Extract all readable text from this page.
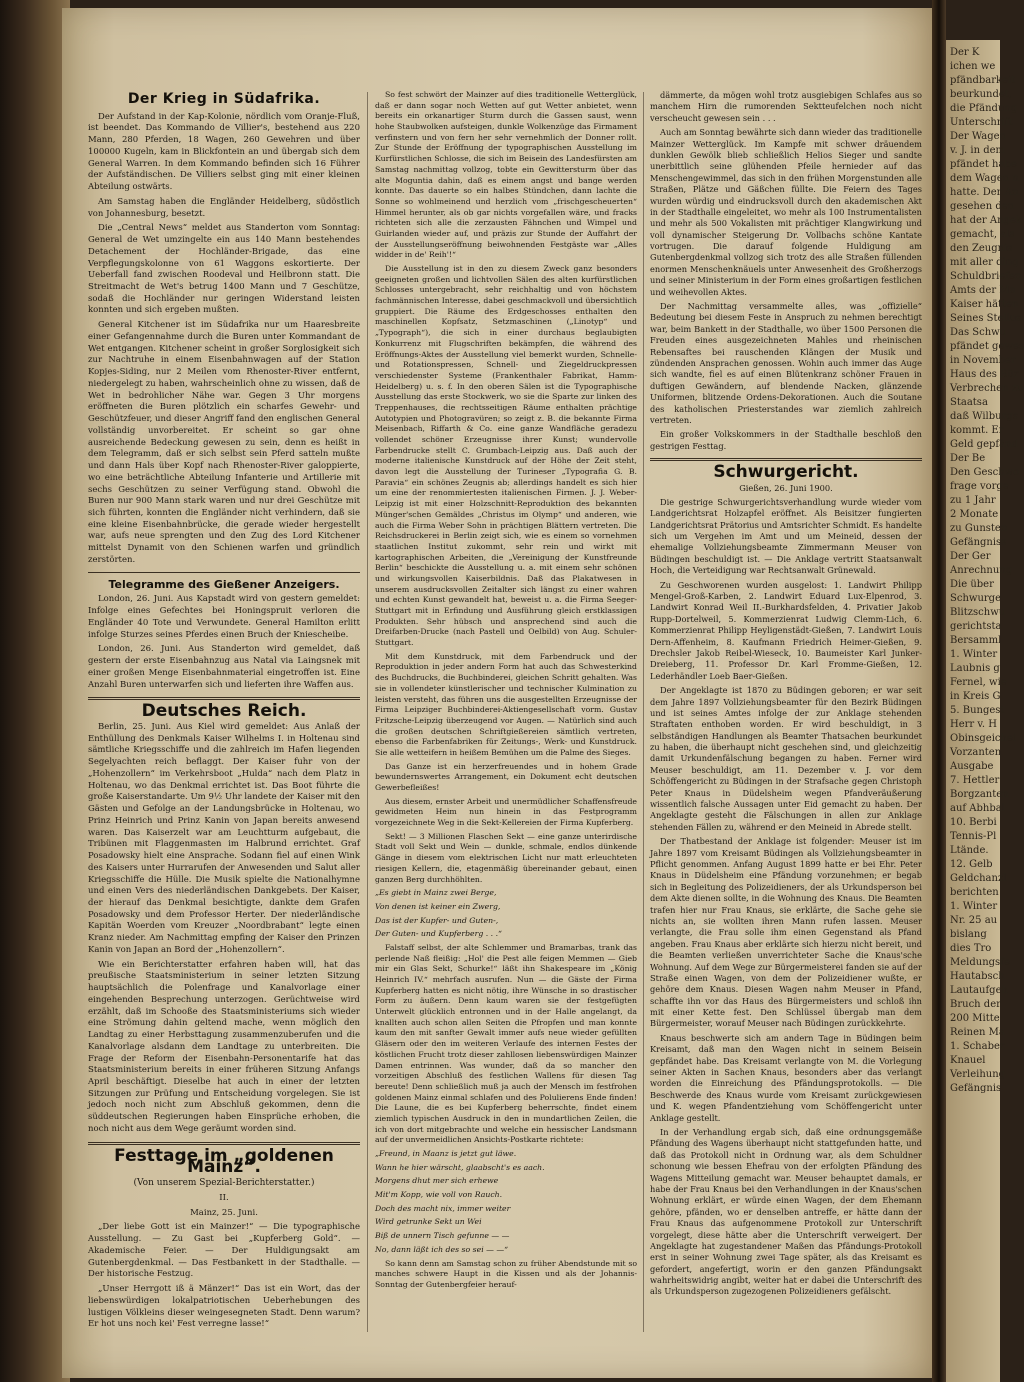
Der K
ichen we
pfändbarkeit
beurkundet,
die Pfändung
Unterschrift
Der Wagen
v. J. in dem
pfändet habe
dem Wagen n
hatte. Der An
gesehen den
hat der Angek
gemacht, als
den Zeugnis
mit aller ding
Schuldbriefen
Amts der Ma
Kaiser hätten
Seines Stellus
Das Schwu
pfändet gewes
in November
Haus des Bür
Verbrechen zu
Staatsa
daß Wilburgs
kommt. Er
Geld gepfänd
Der Be
Den Geschwo
frage vorge
zu 1 Jahr
2 Monate
zu Gunsten
Gefängniss
Der Ger
Anrechnung
Die über
Schwurge
Blitzschwu
gerichtsta
Bersamml
1. Winter
Laubnis g
Fernel, wie
in Kreis G
5. Bungest
Herr v. H
Obinsgeichei
Vorzanten
Ausgabe
7. Hettler
Borgzanten
auf Abhbal
10. Berbi
Tennis-Pl
Ltände.
12. Gelb
Geldchanzl
berichten
1. Winter
Nr. 25 au
bislang
dies Tro
Meldungsfe
Hautabsch
Lautaufgeh
Bruch der
200 Mitte
Reinen Ma
1. Schaber
Knauel
Verleihung
Gefängnis
Der Krieg in Südafrika.

Der Aufstand in der Kap-Kolonie, nördlich vom Oranje-Fluß, ist beendet. Das Kommando de Villier's, bestehend aus 220 Mann, 280 Pferden, 18 Wagen, 260 Gewehren und über 100000 Kugeln, kam in Blickfontein an und übergab sich dem General Warren. In dem Kommando befinden sich 16 Führer der Aufständischen. De Villiers selbst ging mit einer kleinen Abteilung ostwärts.

Am Samstag haben die Engländer Heidelberg, südöstlich von Johannesburg, besetzt.

Die „Central News“ meldet aus Standerton vom Sonntag: General de Wet umzingelte ein aus 140 Mann bestehendes Detachement der Hochländer-Brigade, das eine Verpflegungskolonne von 61 Waggons eskortierte. Der Ueberfall fand zwischen Roodeval und Heilbronn statt. Die Streitmacht de Wet's betrug 1400 Mann und 7 Geschütze, sodaß die Hochländer nur geringen Widerstand leisten konnten und sich ergeben mußten.

General Kitchener ist im Südafrika nur um Haaresbreite einer Gefangennahme durch die Buren unter Kommandant de Wet entgangen. Kitchener scheint in großer Sorglosigkeit sich zur Nachtruhe in einem Eisenbahnwagen auf der Station Kopjes-Siding, nur 2 Meilen vom Rhenoster-River entfernt, niedergelegt zu haben, wahrscheinlich ohne zu wissen, daß de Wet in bedrohlicher Nähe war. Gegen 3 Uhr morgens eröffneten die Buren plötzlich ein scharfes Gewehr- und Geschützfeuer, und dieser Angriff fand den englischen General vollständig unvorbereitet. Er scheint so gar ohne ausreichende Bedeckung gewesen zu sein, denn es heißt in dem Telegramm, daß er sich selbst sein Pferd satteln mußte und dann Hals über Kopf nach Rhenoster-River galoppierte, wo eine beträchtliche Abteilung Infanterie und Artillerie mit sechs Geschützen zu seiner Verfügung stand. Obwohl die Buren nur 900 Mann stark waren und nur drei Geschütze mit sich führten, konnten die Engländer nicht verhindern, daß sie eine kleine Eisenbahnbrücke, die gerade wieder hergestellt war, aufs neue sprengten und den Zug des Lord Kitchener mittelst Dynamit von den Schienen warfen und gründlich zerstörten.

Telegramme des Gießener Anzeigers.

London, 26. Juni. Aus Kapstadt wird von gestern gemeldet: Infolge eines Gefechtes bei Honingspruit verloren die Engländer 40 Tote und Verwundete. General Hamilton erlitt infolge Sturzes seines Pferdes einen Bruch der Kniescheibe.

London, 26. Juni. Aus Standerton wird gemeldet, daß gestern der erste Eisenbahnzug aus Natal via Laingsnek mit einer großen Menge Eisenbahnmaterial eingetroffen ist. Eine Anzahl Buren unterwarfen sich und lieferten ihre Waffen aus.

Deutsches Reich.

Berlin, 25. Juni. Aus Kiel wird gemeldet: Aus Anlaß der Enthüllung des Denkmals Kaiser Wilhelms I. in Holtenau sind sämtliche Kriegsschiffe und die zahlreich im Hafen liegenden Segelyachten reich beflaggt. Der Kaiser fuhr von der „Hohenzollern“ im Verkehrsboot „Hulda“ nach dem Platz in Holtenau, wo das Denkmal errichtet ist. Das Boot führte die große Kaiserstandarte. Um 9½ Uhr landete der Kaiser mit den Gästen und Gefolge an der Landungsbrücke in Holtenau, wo Prinz Heinrich und Prinz Kanin von Japan bereits anwesend waren. Das Kaiserzelt war am Leuchtturm aufgebaut, die Tribünen mit Flaggenmasten im Halbrund errichtet. Graf Posadowsky hielt eine Ansprache. Sodann fiel auf einen Wink des Kaisers unter Hurrarufen der Anwesenden und Salut aller Kriegsschiffe die Hülle. Die Musik spielte die Nationalhymne und einen Vers des niederländischen Dankgebets. Der Kaiser, der hierauf das Denkmal besichtigte, dankte dem Grafen Posadowsky und dem Professor Herter. Der niederländische Kapitän Woerden vom Kreuzer „Noordbrabant“ legte einen Kranz nieder. Am Nachmittag empfing der Kaiser den Prinzen Kanin von Japan an Bord der „Hohenzollern“.

Wie ein Berichterstatter erfahren haben will, hat das preußische Staatsministerium in seiner letzten Sitzung hauptsächlich die Polenfrage und Kanalvorlage einer eingehenden Besprechung unterzogen. Gerüchtweise wird erzählt, daß im Schooße des Staatsministeriums sich wieder eine Strömung dahin geltend mache, wenn möglich den Landtag zu einer Herbsttagung zusammenzuberufen und die Kanalvorlage alsdann dem Landtage zu unterbreiten. Die Frage der Reform der Eisenbahn-Personentarife hat das Staatsministerium bereits in einer früheren Sitzung Anfangs April beschäftigt. Dieselbe hat auch in einer der letzten Sitzungen zur Prüfung und Entscheidung vorgelegen. Sie ist jedoch noch nicht zum Abschluß gekommen, denn die süddeutschen Regierungen haben Einsprüche erhoben, die noch nicht aus dem Wege geräumt worden sind.

Festtage im „goldenen Mainz“.

(Von unserem Spezial-Berichterstatter.)

II.

Mainz, 25. Juni.

„Der liebe Gott ist ein Mainzer!“ — Die typographische Ausstellung. — Zu Gast bei „Kupferberg Gold“. — Akademische Feier. — Der Huldigungsakt am Gutenbergdenkmal. — Das Festbankett in der Stadthalle. — Der historische Festzug.

„Unser Herrgott iß ä Mänzer!“ Das ist ein Wort, das der liebenswürdigen lokalpatriotischen Ueberhebungen des lustigen Völkleins dieser weingesegneten Stadt. Denn warum? Er hot uns noch kei' Fest verregne lasse!“

So fest schwört der Mainzer auf dies traditionelle Wetterglück, daß er dann sogar noch Wetten auf gut Wetter anbietet, wenn bereits ein orkanartiger Sturm durch die Gassen saust, wenn hohe Staubwolken aufsteigen, dunkle Wolkenzüge das Firmament verfinstern und von fern her sehr vernehmlich der Donner rollt. Zur Stunde der Eröffnung der typographischen Ausstellung im Kurfürstlichen Schlosse, die sich im Beisein des Landesfürsten am Samstag nachmittag vollzog, tobte ein Gewittersturm über das alte Moguntia dahin, daß es einem angst und bange werden konnte. Das dauerte so ein halbes Stündchen, dann lachte die Sonne so wohlmeinend und herzlich vom „frischgescheuerten“ Himmel herunter, als ob gar nichts vorgefallen wäre, und fracks richteten sich alle die zerzausten Fähnchen und Wimpel und Guirlanden wieder auf, und präzis zur Stunde der Auffahrt der der Ausstellungseröffnung beiwohnenden Festgäste war „Alles widder in de' Reih'!“

Die Ausstellung ist in den zu diesem Zweck ganz besonders geeigneten großen und lichtvollen Sälen des alten kurfürstlichen Schlosses untergebracht, sehr reichhaltig und von höchstem fachmännischen Interesse, dabei geschmackvoll und übersichtlich gruppiert. Die Räume des Erdgeschosses enthalten den maschinellen Kopfsatz, Setzmaschinen („Linotyp“ und „Typograph“), die sich in einer durchaus beglaubigten Konkurrenz mit Flugschriften bekämpfen, die während des Eröffnungs-Aktes der Ausstellung viel bemerkt wurden, Schnelle- und Rotationspressen, Schnell- und Ziegeldruckpressen verschiedenster Systeme (Frankenthaler Fabrikat, Hamm-Heidelberg) u. s. f. In den oberen Sälen ist die Typographische Ausstellung das erste Stockwerk, wo sie die Sparte zur linken des Treppenhauses, die rechtsseitigen Räume enthalten prächtige Autotypien und Photogravüren; so zeigt z. B. die bekannte Firma Meisenbach, Riffarth & Co. eine ganze Wandfläche geradezu vollendet schöner Erzeugnisse ihrer Kunst; wundervolle Farbendrucke stellt C. Grumbach-Leipzig aus. Daß auch der moderne italienische Kunstdruck auf der Höhe der Zeit steht, davon legt die Ausstellung der Turineser „Typografia G. B. Paravia“ ein schönes Zeugnis ab; allerdings handelt es sich hier um eine der renommiertesten italienischen Firmen. J. J. Weber-Leipzig ist mit einer Holzschnitt-Reproduktion des bekannten Münger'schen Gemäldes „Christus im Olymp“ und anderen, wie auch die Firma Weber Sohn in prächtigen Blättern vertreten. Die Reichsdruckerei in Berlin zeigt sich, wie es einem so vornehmen staatlichen Institut zukommt, sehr rein und wirkt mit kartographischen Arbeiten, die „Vereinigung der Kunstfreunde Berlin“ beschickte die Ausstellung u. a. mit einem sehr schönen und wirkungsvollen Kaiserbildnis. Daß das Plakatwesen in unserem ausdrucksvollen Zeitalter sich längst zu einer wahren und echten Kunst gewandelt hat, beweist u. a. die Firma Seeger-Stuttgart mit in Erfindung und Ausführung gleich erstklassigen Produkten. Sehr hübsch und ansprechend sind auch die Dreifarben-Drucke (nach Pastell und Oelbild) von Aug. Schuler-Stuttgart.

Mit dem Kunstdruck, mit dem Farbendruck und der Reproduktion in jeder andern Form hat auch das Schwesterkind des Buchdrucks, die Buchbinderei, gleichen Schritt gehalten. Was sie in vollendeter künstlerischer und technischer Kulmination zu leisten versteht, das führen uns die ausgestellten Erzeugnisse der Firma Leipziger Buchbinderei-Aktiengesellschaft vorm. Gustav Fritzsche-Leipzig überzeugend vor Augen. — Natürlich sind auch die großen deutschen Schriftgießereien sämtlich vertreten, ebenso die Farbenfabriken für Zeitungs-, Werk- und Kunstdruck. Sie alle wetteifern in heißem Bemühen um die Palme des Sieges.

Das Ganze ist ein herzerfreuendes und in hohem Grade bewundernswertes Arrangement, ein Dokument echt deutschen Gewerbefleißes!

Aus diesem, ernster Arbeit und unermüdlicher Schaffensfreude gewidmeten Heim nun hinein in das Festprogramm vorgezeichnete Weg in die Sekt-Kellereien der Firma Kupferberg.

Sekt! — 3 Millionen Flaschen Sekt — eine ganze unterirdische Stadt voll Sekt und Wein — dunkle, schmale, endlos dünkende Gänge in diesem vom elektrischen Licht nur matt erleuchteten riesigen Kellern, die, etagenmäßig übereinander gebaut, einen ganzen Berg durchhöhlten.

„Es giebt in Mainz zwei Berge,

Von denen ist keiner ein Zwerg,

Das ist der Kupfer- und Guten-,

Der Guten- und Kupferberg . . .“

Falstaff selbst, der alte Schlemmer und Bramarbas, trank das perlende Naß fleißig: „Hol' die Pest alle feigen Memmen — Gieb mir ein Glas Sekt, Schurke!“ läßt ihn Shakespeare im „König Heinrich IV.“ mehrfach ausrufen. Nun — die Gäste der Firma Kupferberg hatten es nicht nötig, ihre Wünsche in so drastischer Form zu äußern. Denn kaum waren sie der festgefügten Unterwelt glücklich entronnen und in der Halle angelangt, da knallten auch schon allen Seiten die Pfropfen und man konnte kaum den mit sanfter Gewalt immer aufs neue wieder gefüllten Gläsern oder den im weiteren Verlaufe des internen Festes der köstlichen Frucht trotz dieser zahllosen liebenswürdigen Mainzer Damen entrinnen. Was wunder, daß da so mancher den vorzeitigen Abschluß des festlichen Wallens für diesen Tag bereute! Denn schließlich muß ja auch der Mensch im festfrohen goldenen Mainz einmal schlafen und des Polulierens Ende finden! Die Laune, die es bei Kupferberg beherrschte, findet einem ziemlich typischen Ausdruck in den in mundartlichen Zeilen, die ich von dort mitgebrachte und welche ein hessischer Landsmann auf der unvermeidlichen Ansichts-Postkarte richtete:

„Freund, in Maanz is jetzt gut läwe.

Wann he hier wärscht, glaabscht's es aach.

Morgens dhut mer sich erhewe

Mit'm Kopp, wie voll von Rauch.

Doch des macht nix, immer weiter

Wird getrunke Sekt un Wei

Biß de unnern Tisch gefunne — —

No, dann läßt ich des so sei — —“

So kann denn am Samstag schon zu früher Abendstunde mit so manches schwere Haupt in die Kissen und als der Johannis-Sonntag der Gutenbergfeier herauf-

dämmerte, da mögen wohl trotz ausgiebigen Schlafes aus so manchem Hirn die rumorenden Sektteufelchen noch nicht verscheucht gewesen sein . . .

Auch am Sonntag bewährte sich dann wieder das traditionelle Mainzer Wetterglück. Im Kampfe mit schwer dräuendem dunklen Gewölk blieb schließlich Helios Sieger und sandte unerbittlich seine glühenden Pfeile hernieder auf das Menschengewimmel, das sich in den frühen Morgenstunden alle Straßen, Plätze und Gäßchen füllte. Die Feiern des Tages wurden würdig und eindrucksvoll durch den akademischen Akt in der Stadthalle eingeleitet, wo mehr als 100 Instrumentalisten und mehr als 500 Vokalisten mit prächtiger Klangwirkung und voll dynamischer Steigerung Dr. Vollbachs schöne Kantate vortrugen. Die darauf folgende Huldigung am Gutenbergdenkmal vollzog sich trotz des alle Straßen füllenden enormen Menschenknäuels unter Anwesenheit des Großherzogs und seiner Ministerium in der Form eines großartigen festlichen und weihevollen Aktes.

Der Nachmittag versammelte alles, was „offizielle“ Bedeutung bei diesem Feste in Anspruch zu nehmen berechtigt war, beim Bankett in der Stadthalle, wo über 1500 Personen die Freuden eines ausgezeichneten Mahles und rheinischen Rebensaftes bei rauschenden Klängen der Musik und zündenden Ansprachen genossen. Wohin auch immer das Auge sich wandte, fiel es auf einen Blütenkranz schöner Frauen in duftigen Gewändern, auf blendende Nacken, glänzende Uniformen, blitzende Ordens-Dekorationen. Auch die Soutane des katholischen Priesterstandes war ziemlich zahlreich vertreten.

Ein großer Volkskommers in der Stadthalle beschloß den gestrigen Festtag.

Schwurgericht.

Gießen, 26. Juni 1900.

Die gestrige Schwurgerichtsverhandlung wurde wieder vom Landgerichtsrat Holzapfel eröffnet. Als Beisitzer fungierten Landgerichtsrat Prätorius und Amtsrichter Schmidt. Es handelte sich um Vergehen im Amt und um Meineid, dessen der ehemalige Vollziehungsbeamte Zimmermann Meuser von Büdingen beschuldigt ist. — Die Anklage vertritt Staatsanwalt Hoch, die Verteidigung war Rechtsanwalt Grünewald.

Zu Geschworenen wurden ausgelost: 1. Landwirt Philipp Mengel-Groß-Karben, 2. Landwirt Eduard Lux-Elpenrod, 3. Landwirt Konrad Weil II.-Burkhardsfelden, 4. Privatier Jakob Rupp-Dortelweil, 5. Kommerzienrat Ludwig Clemm-Lich, 6. Kommerzienrat Philipp Heyligenstädt-Gießen, 7. Landwirt Louis Dern-Affenheim, 8. Kaufmann Friedrich Heimer-Gießen, 9. Drechsler Jakob Reibel-Wieseck, 10. Baumeister Karl Junker-Dreieberg, 11. Professor Dr. Karl Fromme-Gießen, 12. Lederhändler Loeb Baer-Gießen.

Der Angeklagte ist 1870 zu Büdingen geboren; er war seit dem Jahre 1897 Vollziehungsbeamter für den Bezirk Büdingen und ist seines Amtes infolge der zur Anklage stehenden Straftaten enthoben worden. Er wird beschuldigt, in 3 selbständigen Handlungen als Beamter Thatsachen beurkundet zu haben, die überhaupt nicht geschehen sind, und gleichzeitig damit Urkundenfälschung begangen zu haben. Ferner wird Meuser beschuldigt, am 11. Dezember v. J. vor dem Schöffengericht zu Büdingen in der Strafsache gegen Christoph Peter Knaus in Düdelsheim wegen Pfandveräußerung wissentlich falsche Aussagen unter Eid gemacht zu haben. Der Angeklagte gesteht die Fälschungen in allen zur Anklage stehenden Fällen zu, während er den Meineid in Abrede stellt.

Der Thatbestand der Anklage ist folgender: Meuser ist im Jahre 1897 vom Kreisamt Büdingen als Vollziehungsbeamter in Pflicht genommen. Anfang August 1899 hatte er bei Ehr. Peter Knaus in Düdelsheim eine Pfändung vorzunehmen; er begab sich in Begleitung des Polizeidieners, der als Urkundsperson bei dem Akte dienen sollte, in die Wohnung des Knaus. Die Beamten trafen hier nur Frau Knaus, sie erklärte, die Sache gehe sie nichts an, sie wollten ihren Mann rufen lassen. Meuser verlangte, die Frau solle ihm einen Gegenstand als Pfand angeben. Frau Knaus aber erklärte sich hierzu nicht bereit, und die Beamten verließen unverrichteter Sache die Knaus'sche Wohnung. Auf dem Wege zur Bürgermeisterei fanden sie auf der Straße einen Wagen, von dem der Polizeidiener wußte, er gehöre dem Knaus. Diesen Wagen nahm Meuser in Pfand, schaffte ihn vor das Haus des Bürgermeisters und schloß ihn mit einer Kette fest. Den Schlüssel übergab man dem Bürgermeister, worauf Meuser nach Büdingen zurückkehrte.

Knaus beschwerte sich am andern Tage in Büdingen beim Kreisamt, daß man den Wagen nicht in seinem Beisein gepfändet habe. Das Kreisamt verlangte von M. die Vorlegung seiner Akten in Sachen Knaus, besonders aber das verlangt worden die Einreichung des Pfändungsprotokolls. — Die Beschwerde des Knaus wurde vom Kreisamt zurückgewiesen und K. wegen Pfandentziehung vom Schöffengericht unter Anklage gestellt.

In der Verhandlung ergab sich, daß eine ordnungsgemäße Pfändung des Wagens überhaupt nicht stattgefunden hatte, und daß das Protokoll nicht in Ordnung war, als dem Schuldner schonung wie bessen Ehefrau von der erfolgten Pfändung des Wagens Mitteilung gemacht war. Meuser behauptet damals, er habe der Frau Knaus bei den Verhandlungen in der Knaus'schen Wohnung erklärt, er würde einen Wagen, der dem Ehemann gehöre, pfänden, wo er denselben antreffe, er hätte dann der Frau Knaus das aufgenommene Protokoll zur Unterschrift vorgelegt, diese hätte aber die Unterschrift verweigert. Der Angeklagte hat zugestandener Maßen das Pfändungs-Protokoll erst in seiner Wohnung zwei Tage später, als das Kreisamt es gefordert, angefertigt, worin er den ganzen Pfändungsakt wahrheitswidrig angibt, weiter hat er dabei die Unterschrift des als Urkundsperson zugezogenen Polizeidieners gefälscht.
